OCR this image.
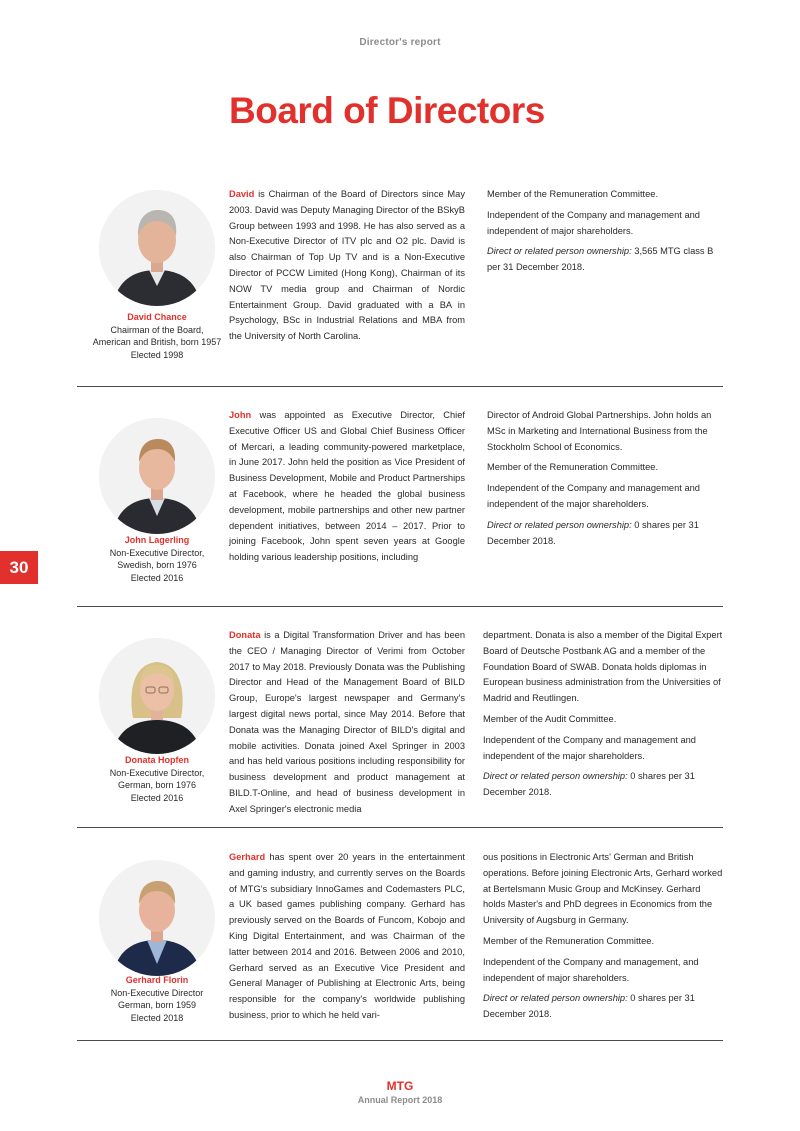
Director's report
Board of Directors
30
David Chance
Chairman of the Board,
American and British, born 1957
Elected 1998

David is Chairman of the Board of Directors since May 2003. David was Deputy Managing Director of the BSkyB Group between 1993 and 1998. He has also served as a Non-Executive Director of ITV plc and O2 plc. David is also Chairman of Top Up TV and is a Non-Executive Director of PCCW Limited (Hong Kong), Chairman of its NOW TV media group and Chairman of Nordic Entertainment Group. David graduated with a BA in Psychology, BSc in Industrial Relations and MBA from the University of North Carolina.

Member of the Remuneration Committee.

Independent of the Company and management and independent of major shareholders.

Direct or related person ownership: 3,565 MTG class B per 31 December 2018.

John Lagerling
Non-Executive Director,
Swedish, born 1976
Elected 2016

John was appointed as Executive Director, Chief Executive Officer US and Global Chief Business Officer of Mercari, a leading community-powered marketplace, in June 2017. John held the position as Vice President of Business Development, Mobile and Product Partnerships at Facebook, where he headed the global business development, mobile partnerships and other new partner dependent initiatives, between 2014 – 2017. Prior to joining Facebook, John spent seven years at Google holding various leadership positions, including

Director of Android Global Partnerships. John holds an MSc in Marketing and International Business from the Stockholm School of Economics.

Member of the Remuneration Committee.

Independent of the Company and management and independent of the major shareholders.

Direct or related person ownership: 0 shares per 31 December 2018.

Donata Hopfen
Non-Executive Director,
German, born 1976
Elected 2016

Donata is a Digital Transformation Driver and has been the CEO / Managing Director of Verimi from October 2017 to May 2018. Previously Donata was the Publishing Director and Head of the Management Board of BILD Group, Europe's largest newspaper and Germany's largest digital news portal, since May 2014. Before that Donata was the Managing Director of BILD's digital and mobile activities. Donata joined Axel Springer in 2003 and has held various positions including responsibility for business development and product management at BILD.T-Online, and head of business development in Axel Springer's electronic media

department. Donata is also a member of the Digital Expert Board of Deutsche Postbank AG and a member of the Foundation Board of SWAB. Donata holds diplomas in European business administration from the Universities of Madrid and Reutlingen.

Member of the Audit Committee.

Independent of the Company and management and independent of the major shareholders.

Direct or related person ownership: 0 shares per 31 December 2018.

Gerhard Florin
Non-Executive Director
German, born 1959
Elected 2018

Gerhard has spent over 20 years in the entertainment and gaming industry, and currently serves on the Boards of MTG's subsidiary InnoGames and Codemasters PLC, a UK based games publishing company. Gerhard has previously served on the Boards of Funcom, Kobojo and King Digital Entertainment, and was Chairman of the latter between 2014 and 2016. Between 2006 and 2010, Gerhard served as an Executive Vice President and General Manager of Publishing at Electronic Arts, being responsible for the company's worldwide publishing business, prior to which he held vari-

ous positions in Electronic Arts' German and British operations. Before joining Electronic Arts, Gerhard worked at Bertelsmann Music Group and McKinsey. Gerhard holds Master's and PhD degrees in Economics from the University of Augsburg in Germany.

Member of the Remuneration Committee.

Independent of the Company and management, and independent of major shareholders.

Direct or related person ownership: 0 shares per 31 December 2018.

MTG
Annual Report 2018
